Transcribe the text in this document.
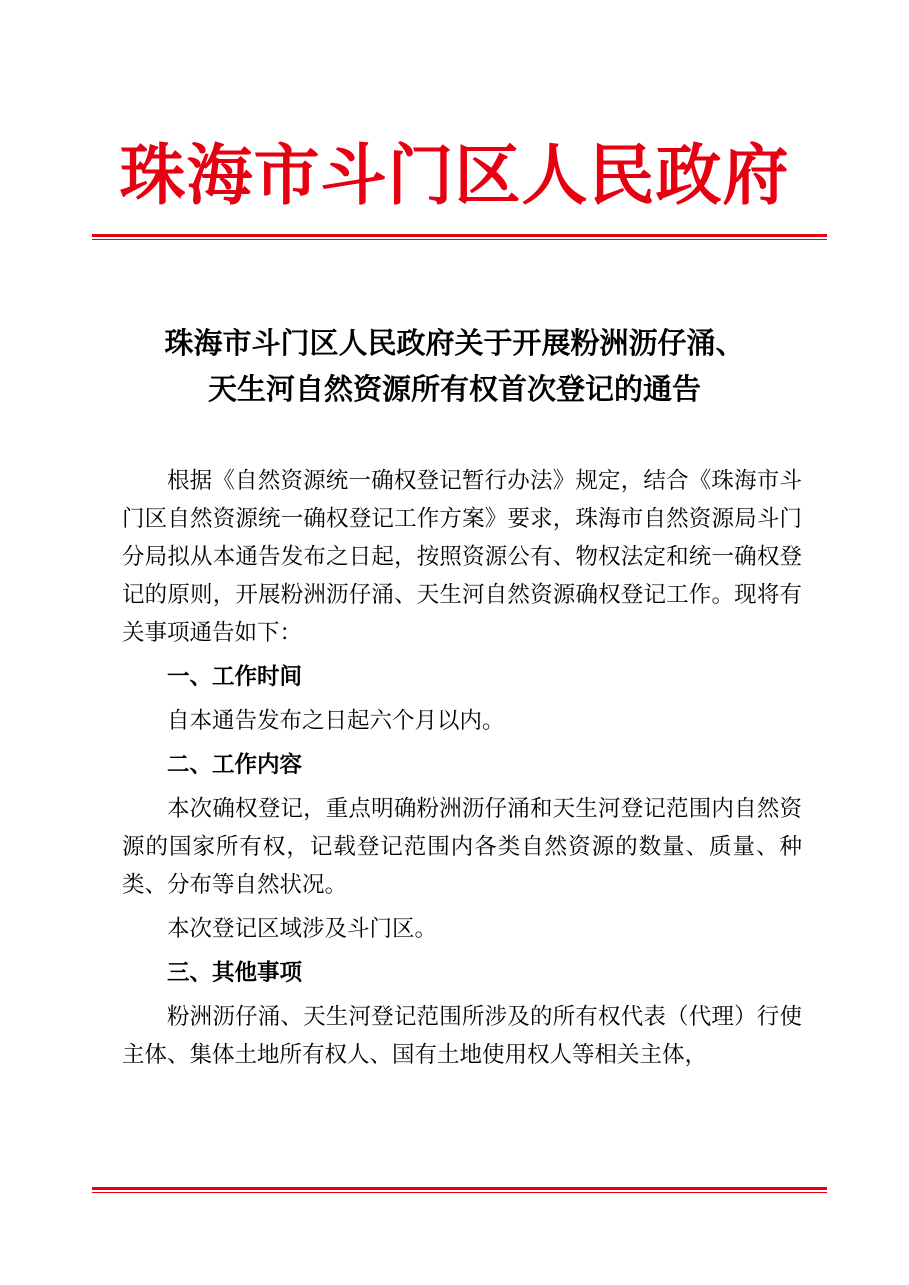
珠海市斗门区人民政府
珠海市斗门区人民政府关于开展粉洲沥仔涌、
天生河自然资源所有权首次登记的通告

根据《自然资源统一确权登记暂行办法》规定，结合《珠海市斗门区自然资源统一确权登记工作方案》要求，珠海市自然资源局斗门分局拟从本通告发布之日起，按照资源公有、物权法定和统一确权登记的原则，开展粉洲沥仔涌、天生河自然资源确权登记工作。现将有关事项通告如下：

一、工作时间

自本通告发布之日起六个月以内。

二、工作内容

本次确权登记，重点明确粉洲沥仔涌和天生河登记范围内自然资源的国家所有权，记载登记范围内各类自然资源的数量、质量、种类、分布等自然状况。

本次登记区域涉及斗门区。

三、其他事项

粉洲沥仔涌、天生河登记范围所涉及的所有权代表（代理）行使主体、集体土地所有权人、国有土地使用权人等相关主体，
